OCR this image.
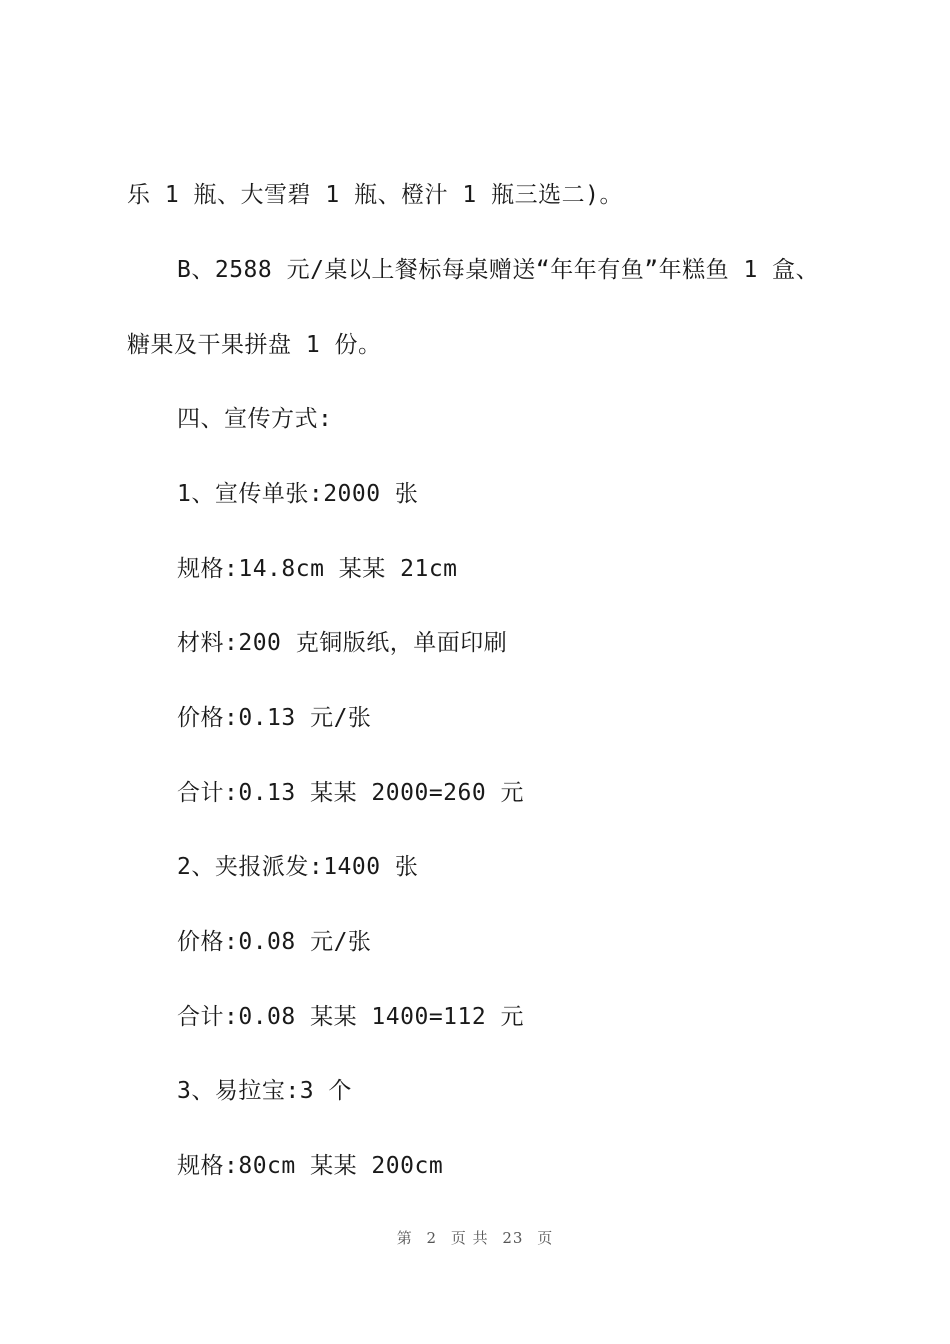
乐 1 瓶、大雪碧 1 瓶、橙汁 1 瓶三选二)。
B、2588 元/桌以上餐标每桌赠送“年年有鱼”年糕鱼 1 盒、
糖果及干果拼盘 1 份。
四、宣传方式:
1、宣传单张:2000 张
规格:14.8cm 某某 21cm
材料:200 克铜版纸，单面印刷
价格:0.13 元/张
合计:0.13 某某 2000=260 元
2、夹报派发:1400 张
价格:0.08 元/张
合计:0.08 某某 1400=112 元
3、易拉宝:3 个
规格:80cm 某某 200cm
第 2 页 共 23 页
